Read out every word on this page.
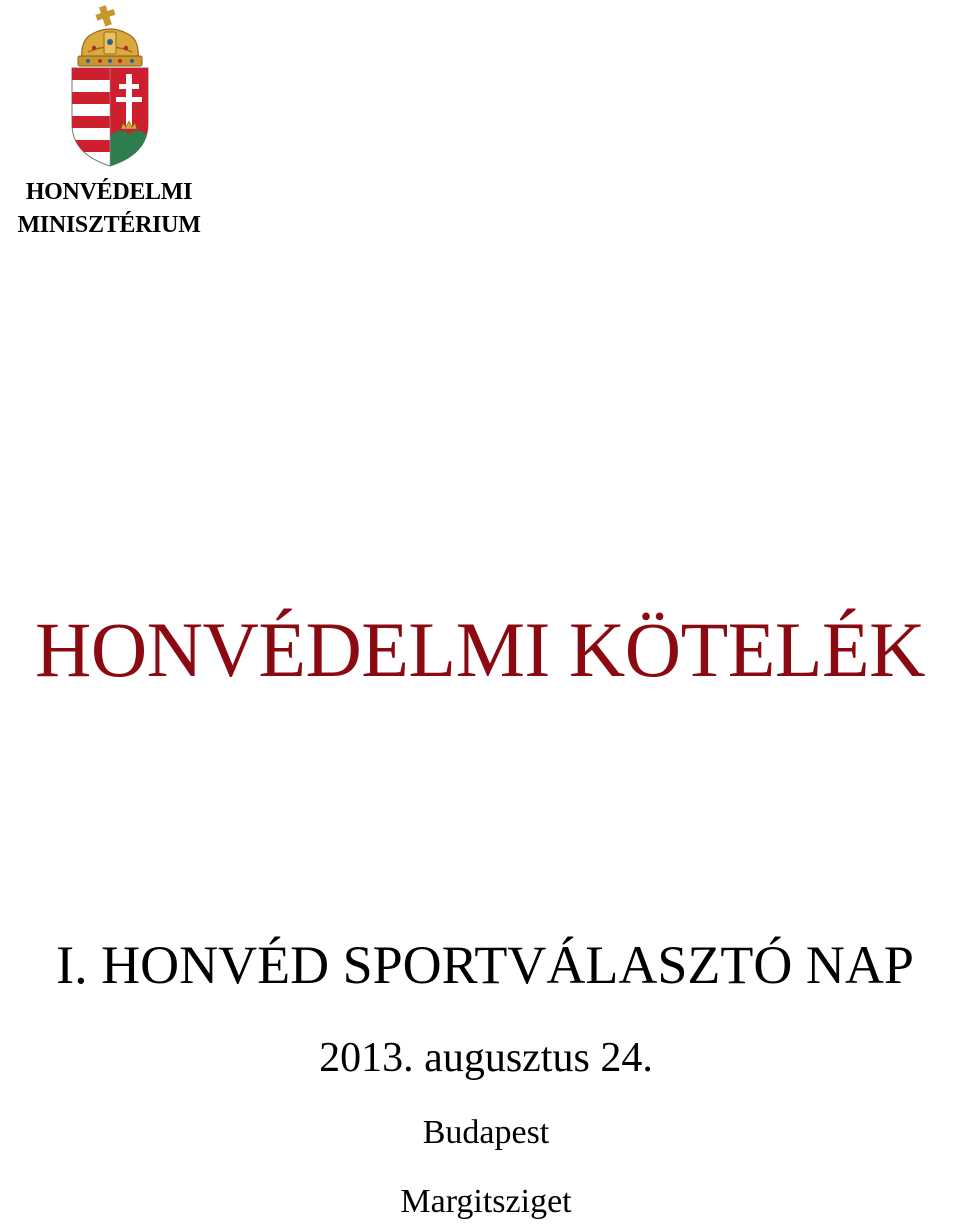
HONVÉDELMI
MINISZTÉRIUM
HONVÉDELMI KÖTELÉK
I. HONVÉD SPORTVÁLASZTÓ NAP
2013. augusztus 24.
Budapest
Margitsziget
